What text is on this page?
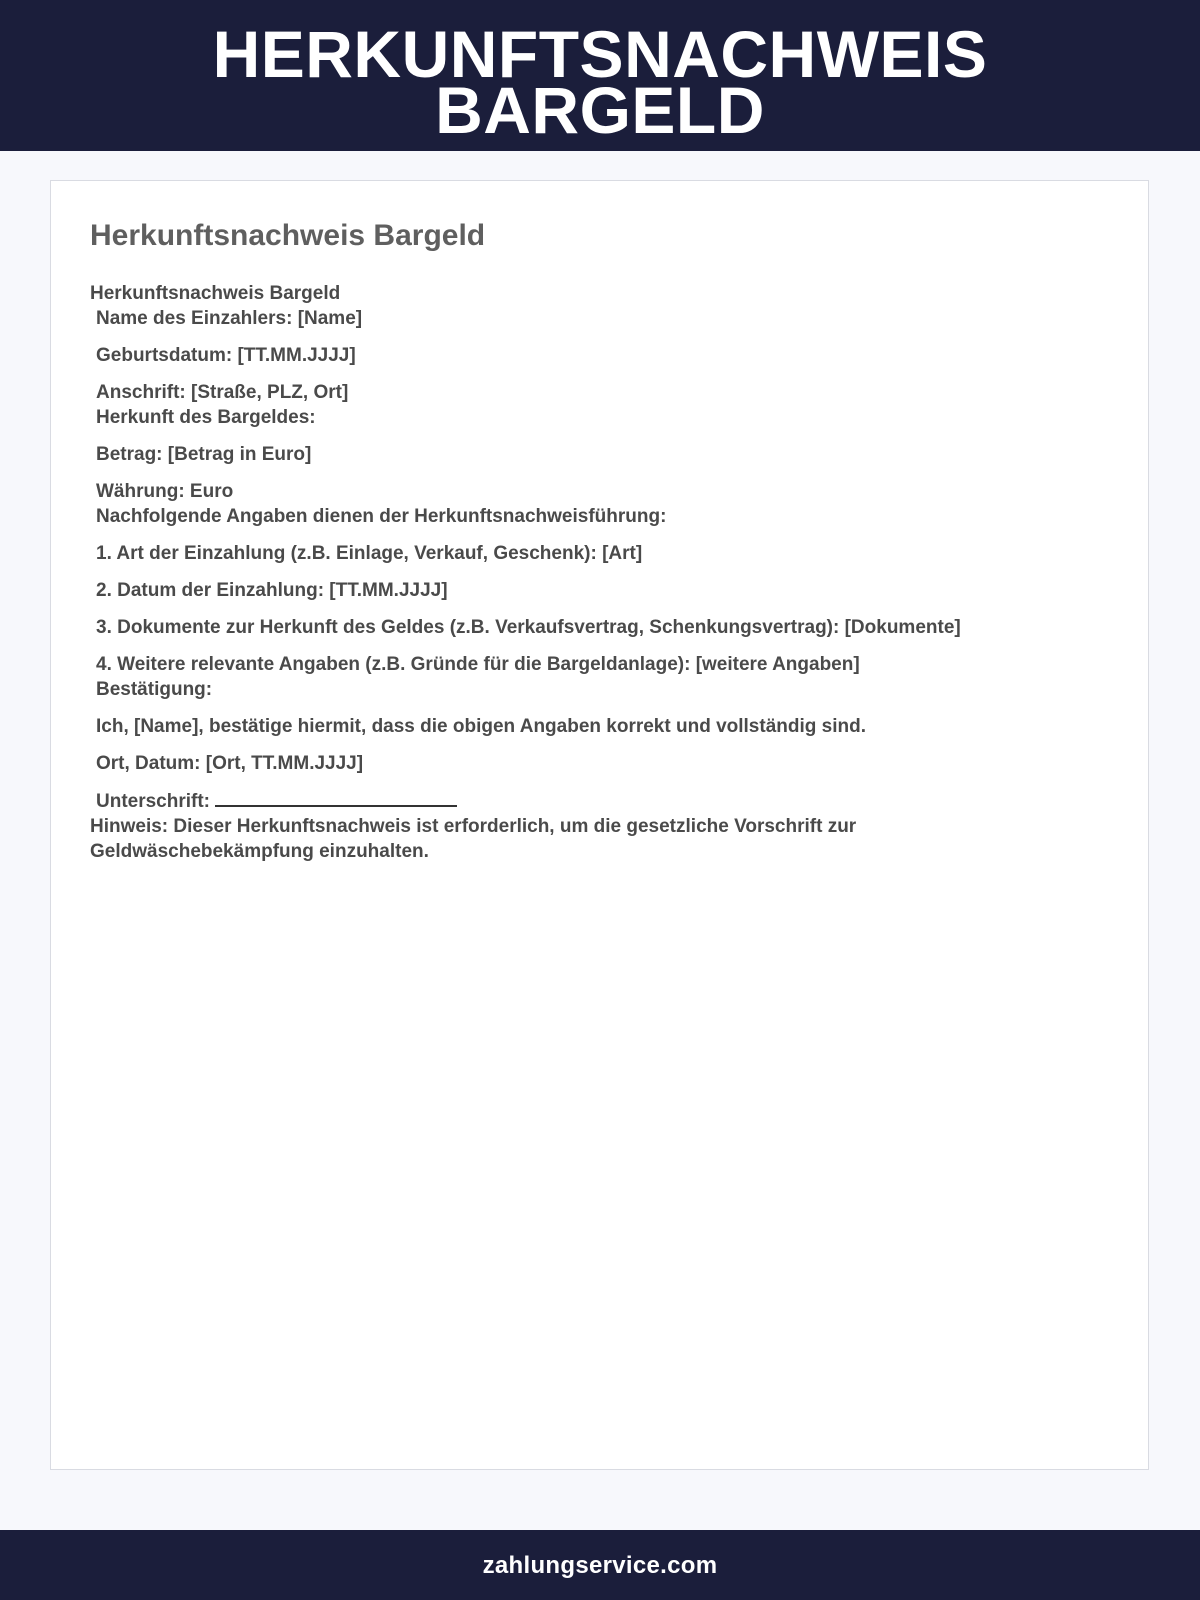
HERKUNFTSNACHWEIS
BARGELD
Herkunftsnachweis Bargeld
Herkunftsnachweis Bargeld
Name des Einzahlers: [Name]
Geburtsdatum: [TT.MM.JJJJ]
Anschrift: [Straße, PLZ, Ort]
Herkunft des Bargeldes:
Betrag: [Betrag in Euro]
Währung: Euro
Nachfolgende Angaben dienen der Herkunftsnachweisführung:
1. Art der Einzahlung (z.B. Einlage, Verkauf, Geschenk): [Art]
2. Datum der Einzahlung: [TT.MM.JJJJ]
3. Dokumente zur Herkunft des Geldes (z.B. Verkaufsvertrag, Schenkungsvertrag): [Dokumente]
4. Weitere relevante Angaben (z.B. Gründe für die Bargeldanlage): [weitere Angaben]
Bestätigung:
Ich, [Name], bestätige hiermit, dass die obigen Angaben korrekt und vollständig sind.
Ort, Datum: [Ort, TT.MM.JJJJ]
Unterschrift:
Hinweis: Dieser Herkunftsnachweis ist erforderlich, um die gesetzliche Vorschrift zur Geldwäschebekämpfung einzuhalten.
zahlungservice.com
